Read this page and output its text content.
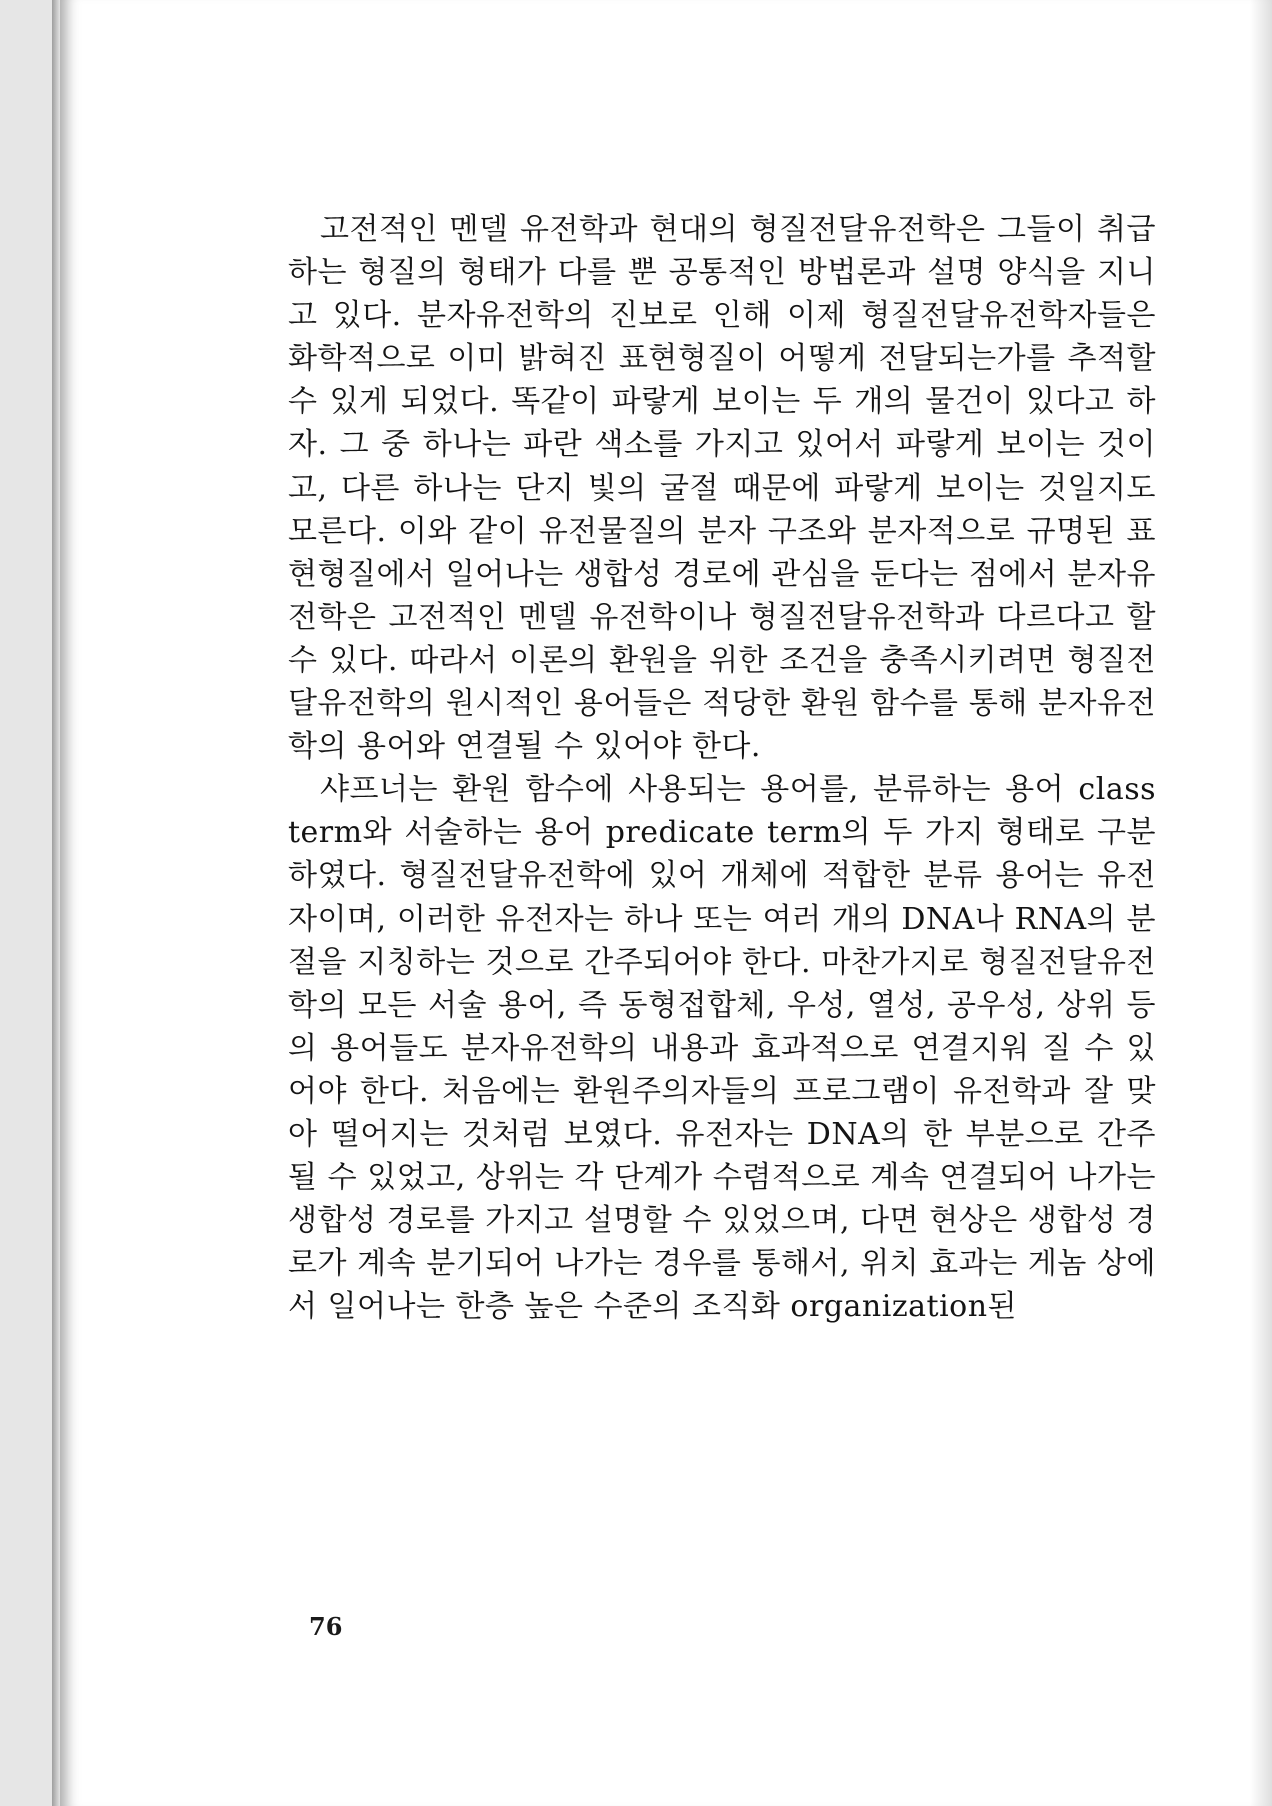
고전적인 멘델 유전학과 현대의 형질전달유전학은 그들이 취급하는 형질의 형태가 다를 뿐 공통적인 방법론과 설명 양식을 지니고 있다. 분자유전학의 진보로 인해 이제 형질전달유전학자들은 화학적으로 이미 밝혀진 표현형질이 어떻게 전달되는가를 추적할 수 있게 되었다. 똑같이 파랗게 보이는 두 개의 물건이 있다고 하자. 그 중 하나는 파란 색소를 가지고 있어서 파랗게 보이는 것이고, 다른 하나는 단지 빛의 굴절 때문에 파랗게 보이는 것일지도 모른다. 이와 같이 유전물질의 분자 구조와 분자적으로 규명된 표현형질에서 일어나는 생합성 경로에 관심을 둔다는 점에서 분자유전학은 고전적인 멘델 유전학이나 형질전달유전학과 다르다고 할 수 있다. 따라서 이론의 환원을 위한 조건을 충족시키려면 형질전달유전학의 원시적인 용어들은 적당한 환원 함수를 통해 분자유전학의 용어와 연결될 수 있어야 한다.

샤프너는 환원 함수에 사용되는 용어를, 분류하는 용어 class term와 서술하는 용어 predicate term의 두 가지 형태로 구분하였다. 형질전달유전학에 있어 개체에 적합한 분류 용어는 유전자이며, 이러한 유전자는 하나 또는 여러 개의 DNA나 RNA의 분절을 지칭하는 것으로 간주되어야 한다. 마찬가지로 형질전달유전학의 모든 서술 용어, 즉 동형접합체, 우성, 열성, 공우성, 상위 등의 용어들도 분자유전학의 내용과 효과적으로 연결지워 질 수 있어야 한다. 처음에는 환원주의자들의 프로그램이 유전학과 잘 맞아 떨어지는 것처럼 보였다. 유전자는 DNA의 한 부분으로 간주될 수 있었고, 상위는 각 단계가 수렴적으로 계속 연결되어 나가는 생합성 경로를 가지고 설명할 수 있었으며, 다면 현상은 생합성 경로가 계속 분기되어 나가는 경우를 통해서, 위치 효과는 게놈 상에서 일어나는 한층 높은 수준의 조직화 organization된

76
